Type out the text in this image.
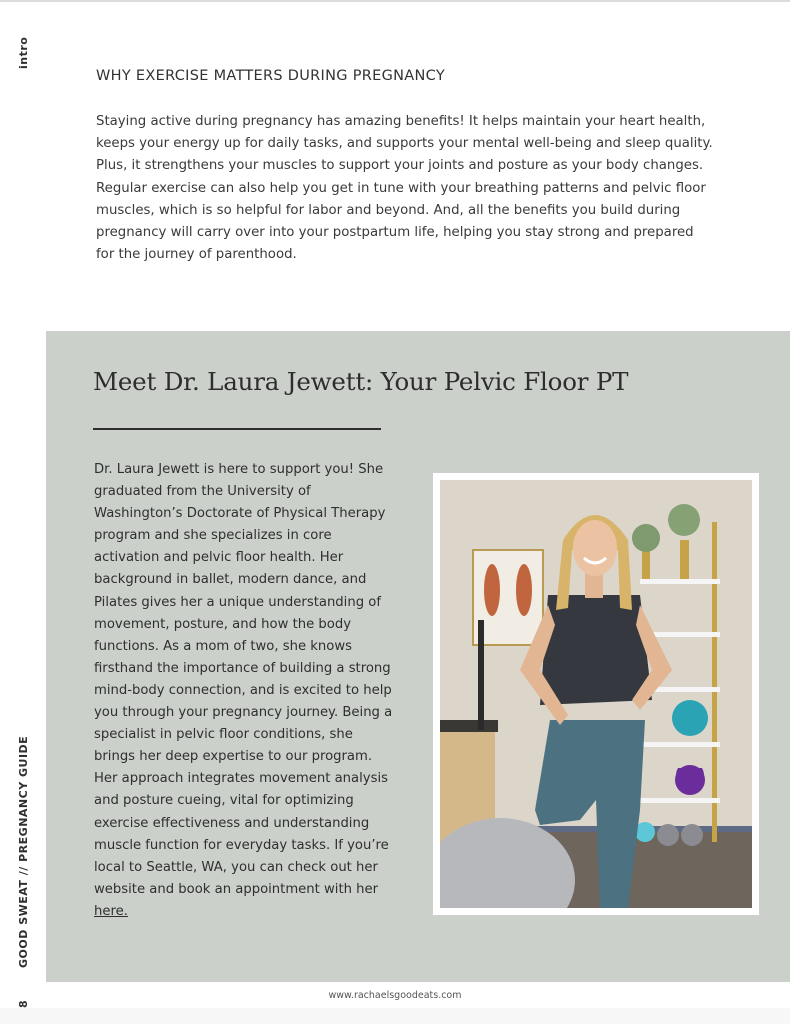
intro
GOOD SWEAT // PREGNANCY GUIDE
8
WHY EXERCISE MATTERS DURING PREGNANCY

Staying active during pregnancy has amazing benefits! It helps maintain your heart health, keeps your energy up for daily tasks, and supports your mental well-being and sleep quality. Plus, it strengthens your muscles to support your joints and posture as your body changes. Regular exercise can also help you get in tune with your breathing patterns and pelvic floor muscles, which is so helpful for labor and beyond. And, all the benefits you build during pregnancy will carry over into your postpartum life, helping you stay strong and prepared for the journey of parenthood.

Meet Dr. Laura Jewett: Your Pelvic Floor PT

Dr. Laura Jewett is here to support you! She graduated from the University of Washington’s Doctorate of Physical Therapy program and she specializes in core activation and pelvic floor health. Her background in ballet, modern dance, and Pilates gives her a unique understanding of movement, posture, and how the body functions. As a mom of two, she knows firsthand the importance of building a strong mind-body connection, and is excited to help you through your pregnancy journey. Being a specialist in pelvic floor conditions, she brings her deep expertise to our program. Her approach integrates movement analysis and posture cueing, vital for optimizing exercise effectiveness and understanding muscle function for everyday tasks. If you’re local to Seattle, WA, you can check out her website and book an appointment with her here.

www.rachaelsgoodeats.com
